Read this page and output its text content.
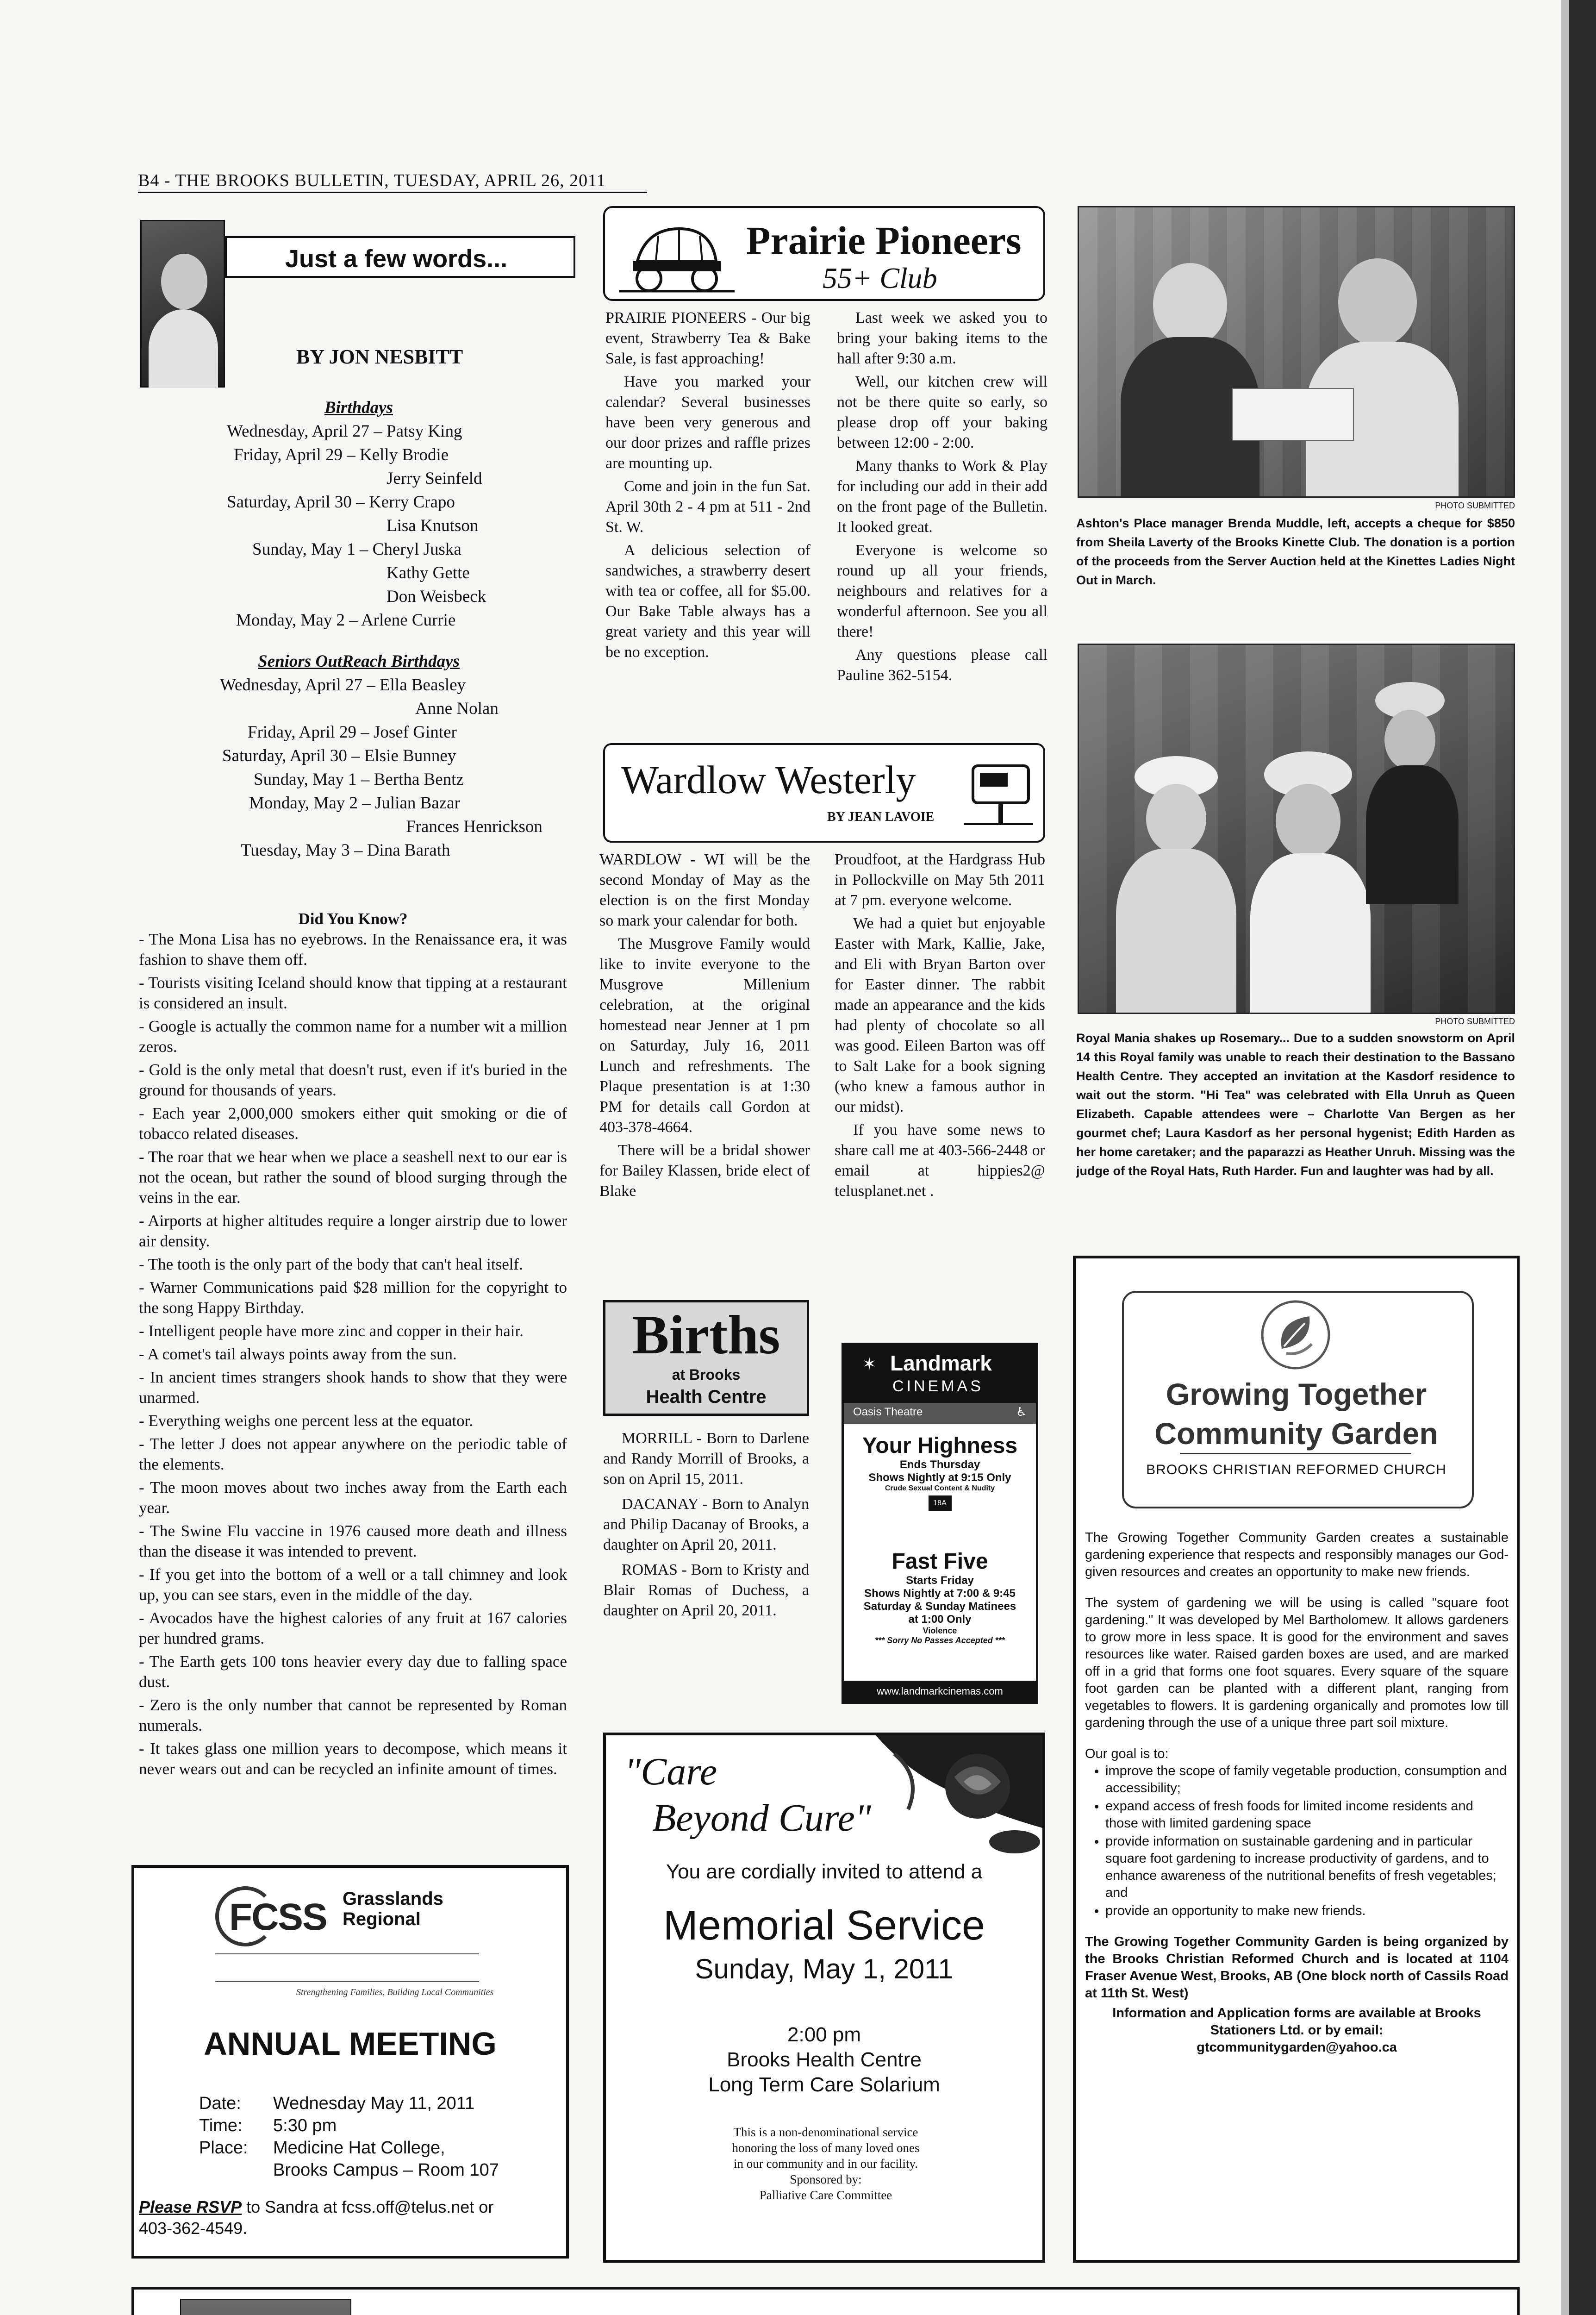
B4 - THE BROOKS BULLETIN, TUESDAY, APRIL 26, 2011
Just a few words...
BY JON NESBITT
Birthdays
Wednesday, April 27 – Patsy King
Friday, April 29 – Kelly Brodie
Jerry Seinfeld
Saturday, April 30 – Kerry Crapo
Lisa Knutson
Sunday, May 1 – Cheryl Juska
Kathy Gette
Don Weisbeck
Monday, May 2 – Arlene Currie
Seniors OutReach Birthdays
Wednesday, April 27 – Ella Beasley
Anne Nolan
Friday, April 29 – Josef Ginter
Saturday, April 30 – Elsie Bunney
Sunday, May 1 – Bertha Bentz
Monday, May 2 – Julian Bazar
Frances Henrickson
Tuesday, May 3 – Dina Barath
Did You Know?
- The Mona Lisa has no eyebrows. In the Renaissance era, it was fashion to shave them off.
- Tourists visiting Iceland should know that tipping at a restaurant is considered an insult.
- Google is actually the common name for a number wit a million zeros.
- Gold is the only metal that doesn't rust, even if it's buried in the ground for thousands of years.
- Each year 2,000,000 smokers either quit smoking or die of tobacco related diseases.
- The roar that we hear when we place a seashell next to our ear is not the ocean, but rather the sound of blood surging through the veins in the ear.
- Airports at higher altitudes require a longer airstrip due to lower air density.
- The tooth is the only part of the body that can't heal itself.
- Warner Communications paid $28 million for the copyright to the song Happy Birthday.
- Intelligent people have more zinc and copper in their hair.
- A comet's tail always points away from the sun.
- In ancient times strangers shook hands to show that they were unarmed.
- Everything weighs one percent less at the equator.
- The letter J does not appear anywhere on the periodic table of the elements.
- The moon moves about two inches away from the Earth each year.
- The Swine Flu vaccine in 1976 caused more death and illness than the disease it was intended to prevent.
- If you get into the bottom of a well or a tall chimney and look up, you can see stars, even in the middle of the day.
- Avocados have the highest calories of any fruit at 167 calories per hundred grams.
- The Earth gets 100 tons heavier every day due to falling space dust.
- Zero is the only number that cannot be represented by Roman numerals.
- It takes glass one million years to decompose, which means it never wears out and can be recycled an infinite amount of times.
FCSS Grasslands Regional
Strengthening Families, Building Local Communities
ANNUAL MEETING
Date:	Wednesday May 11, 2011
Time:	5:30 pm
Place:	Medicine Hat College,
Brooks Campus – Room 107
Please RSVP to Sandra at fcss.off@telus.net or
403-362-4549.
Prairie Pioneers
55+ Club
PRAIRIE PIONEERS - Our big event, Strawberry Tea & Bake Sale, is fast approaching!
Have you marked your calendar? Several businesses have been very generous and our door prizes and raffle prizes are mounting up.
Come and join in the fun Sat. April 30th 2 - 4 pm at 511 - 2nd St. W.
A delicious selection of sandwiches, a strawberry desert with tea or coffee, all for $5.00. Our Bake Table always has a great variety and this year will be no exception.
Last week we asked you to bring your baking items to the hall after 9:30 a.m.
Well, our kitchen crew will not be there quite so early, so please drop off your baking between 12:00 - 2:00.
Many thanks to Work & Play for including our add in their add on the front page of the Bulletin. It looked great.
Everyone is welcome so round up all your friends, neighbours and relatives for a wonderful afternoon. See you all there!
Any questions please call Pauline 362-5154.
Wardlow Westerly
BY JEAN LAVOIE
WARDLOW - WI will be the second Monday of May as the election is on the first Monday so mark your calendar for both.
The Musgrove Family would like to invite everyone to the Musgrove Millenium celebration, at the original homestead near Jenner at 1 pm on Saturday, July 16, 2011 Lunch and refreshments. The Plaque presentation is at 1:30 PM for details call Gordon at 403-378-4664.
There will be a bridal shower for Bailey Klassen, bride elect of Blake
Proudfoot, at the Hardgrass Hub in Pollockville on May 5th 2011 at 7 pm. everyone welcome.
We had a quiet but enjoyable Easter with Mark, Kallie, Jake, and Eli with Bryan Barton over for Easter dinner. The rabbit made an appearance and the kids had plenty of chocolate so all was good. Eileen Barton was off to Salt Lake for a book signing (who knew a famous author in our midst).
If you have some news to share call me at 403-566-2448 or email at hippies2@ telusplanet.net .
Births
at Brooks
Health Centre
MORRILL - Born to Darlene and Randy Morrill of Brooks, a son on April 15, 2011.
DACANAY - Born to Analyn and Philip Dacanay of Brooks, a daughter on April 20, 2011.
ROMAS - Born to Kristy and Blair Romas of Duchess, a daughter on April 20, 2011.
✶ Landmark
CINEMAS
Oasis Theatre	♿
Your Highness
Ends Thursday
Shows Nightly at 9:15 Only
Crude Sexual Content & Nudity
18A
Fast Five
Starts Friday
Shows Nightly at 7:00 & 9:45
Saturday & Sunday Matinees
at 1:00 Only
Violence
*** Sorry No Passes Accepted ***
www.landmarkcinemas.com
"Care
Beyond Cure"
You are cordially invited to attend a
Memorial Service
Sunday, May 1, 2011
2:00 pm
Brooks Health Centre
Long Term Care Solarium
This is a non-denominational service honoring the loss of many loved ones in our community and in our facility.
Sponsored by:
Palliative Care Committee
PHOTO SUBMITTED
Ashton's Place manager Brenda Muddle, left, accepts a cheque for $850 from Sheila Laverty of the Brooks Kinette Club. The donation is a portion of the proceeds from the Server Auction held at the Kinettes Ladies Night Out in March.
PHOTO SUBMITTED
Royal Mania shakes up Rosemary... Due to a sudden snowstorm on April 14 this Royal family was unable to reach their destination to the Bassano Health Centre. They accepted an invitation at the Kasdorf residence to wait out the storm. "Hi Tea" was celebrated with Ella Unruh as Queen Elizabeth. Capable attendees were – Charlotte Van Bergen as her gourmet chef; Laura Kasdorf as her personal hygenist; Edith Harden as her home caretaker; and the paparazzi as Heather Unruh. Missing was the judge of the Royal Hats, Ruth Harder. Fun and laughter was had by all.
Growing Together
Community Garden
BROOKS CHRISTIAN REFORMED CHURCH
The Growing Together Community Garden creates a sustainable gardening experience that respects and responsibly manages our God-given resources and creates an opportunity to make new friends.
The system of gardening we will be using is called "square foot gardening." It was developed by Mel Bartholomew. It allows gardeners to grow more in less space. It is good for the environment and saves resources like water. Raised garden boxes are used, and are marked off in a grid that forms one foot squares. Every square of the square foot garden can be planted with a different plant, ranging from vegetables to flowers. It is gardening organically and promotes low till gardening through the use of a unique three part soil mixture.
Our goal is to:
• improve the scope of family vegetable production, consumption and accessibility;
• expand access of fresh foods for limited income residents and those with limited gardening space
• provide information on sustainable gardening and in particular square foot gardening to increase productivity of gardens, and to enhance awareness of the nutritional benefits of fresh vegetables; and
• provide an opportunity to make new friends.
The Growing Together Community Garden is being organized by the Brooks Christian Reformed Church and is located at 1104 Fraser Avenue West, Brooks, AB (One block north of Cassils Road at 11th St. West)
Information and Application forms are available at Brooks Stationers Ltd. or by email:
gtcommunitygarden@yahoo.ca
